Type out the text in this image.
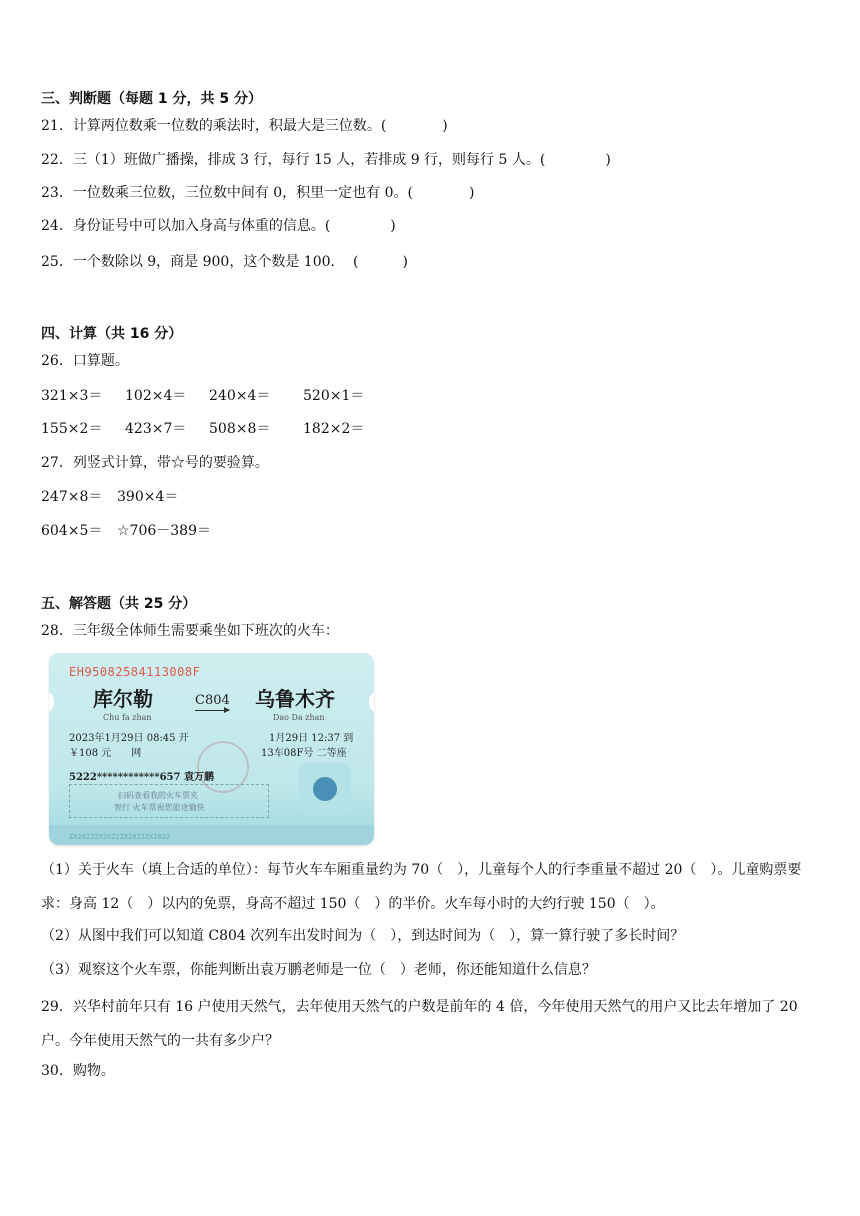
三、判断题（每题 1 分，共 5 分）
21．计算两位数乘一位数的乘法时，积最大是三位数。(	)
22．三（1）班做广播操，排成 3 行，每行 15 人，若排成 9 行，则每行 5 人。(	)
23．一位数乘三位数，三位数中间有 0，积里一定也有 0。(	)
24．身份证号中可以加入身高与体重的信息。(	)
25．一个数除以 9，商是 900，这个数是 100. (	)
四、计算（共 16 分）
26．口算题。
321×3＝ 102×4＝ 240×4＝ 520×1＝
155×2＝ 423×7＝ 508×8＝ 182×2＝
27．列竖式计算，带☆号的要验算。
247×8＝ 390×4＝
604×5＝ ☆706－389＝
五、解答题（共 25 分）
28．三年级全体师生需要乘坐如下班次的火车：
EH95082584113008F
库尔勒
Chu fa zhan
C804 乌鲁木齐
Dao Da zhan
2023年1月29日 08:45 开	1月29日 12:37 到
￥108 元　　网	13车08F号 二等座
5222************657 袁万鹏
扫码查看我的火车票夹
智行 火车票祝您旅途愉快
ZX2022ZX2022ZX2022ZX2022
（1）关于火车（填上合适的单位）：每节火车车厢重量约为 70（　），儿童每个人的行李重量不超过 20（　）。儿童购票要求：身高 12（　）以内的免票，身高不超过 150（　）的半价。火车每小时的大约行驶 150（　）。
（2）从图中我们可以知道 C804 次列车出发时间为（　），到达时间为（　），算一算行驶了多长时间？
（3）观察这个火车票，你能判断出袁万鹏老师是一位（　）老师，你还能知道什么信息？
29．兴华村前年只有 16 户使用天然气，去年使用天然气的户数是前年的 4 倍，今年使用天然气的用户又比去年增加了 20 户。今年使用天然气的一共有多少户？
30．购物。
